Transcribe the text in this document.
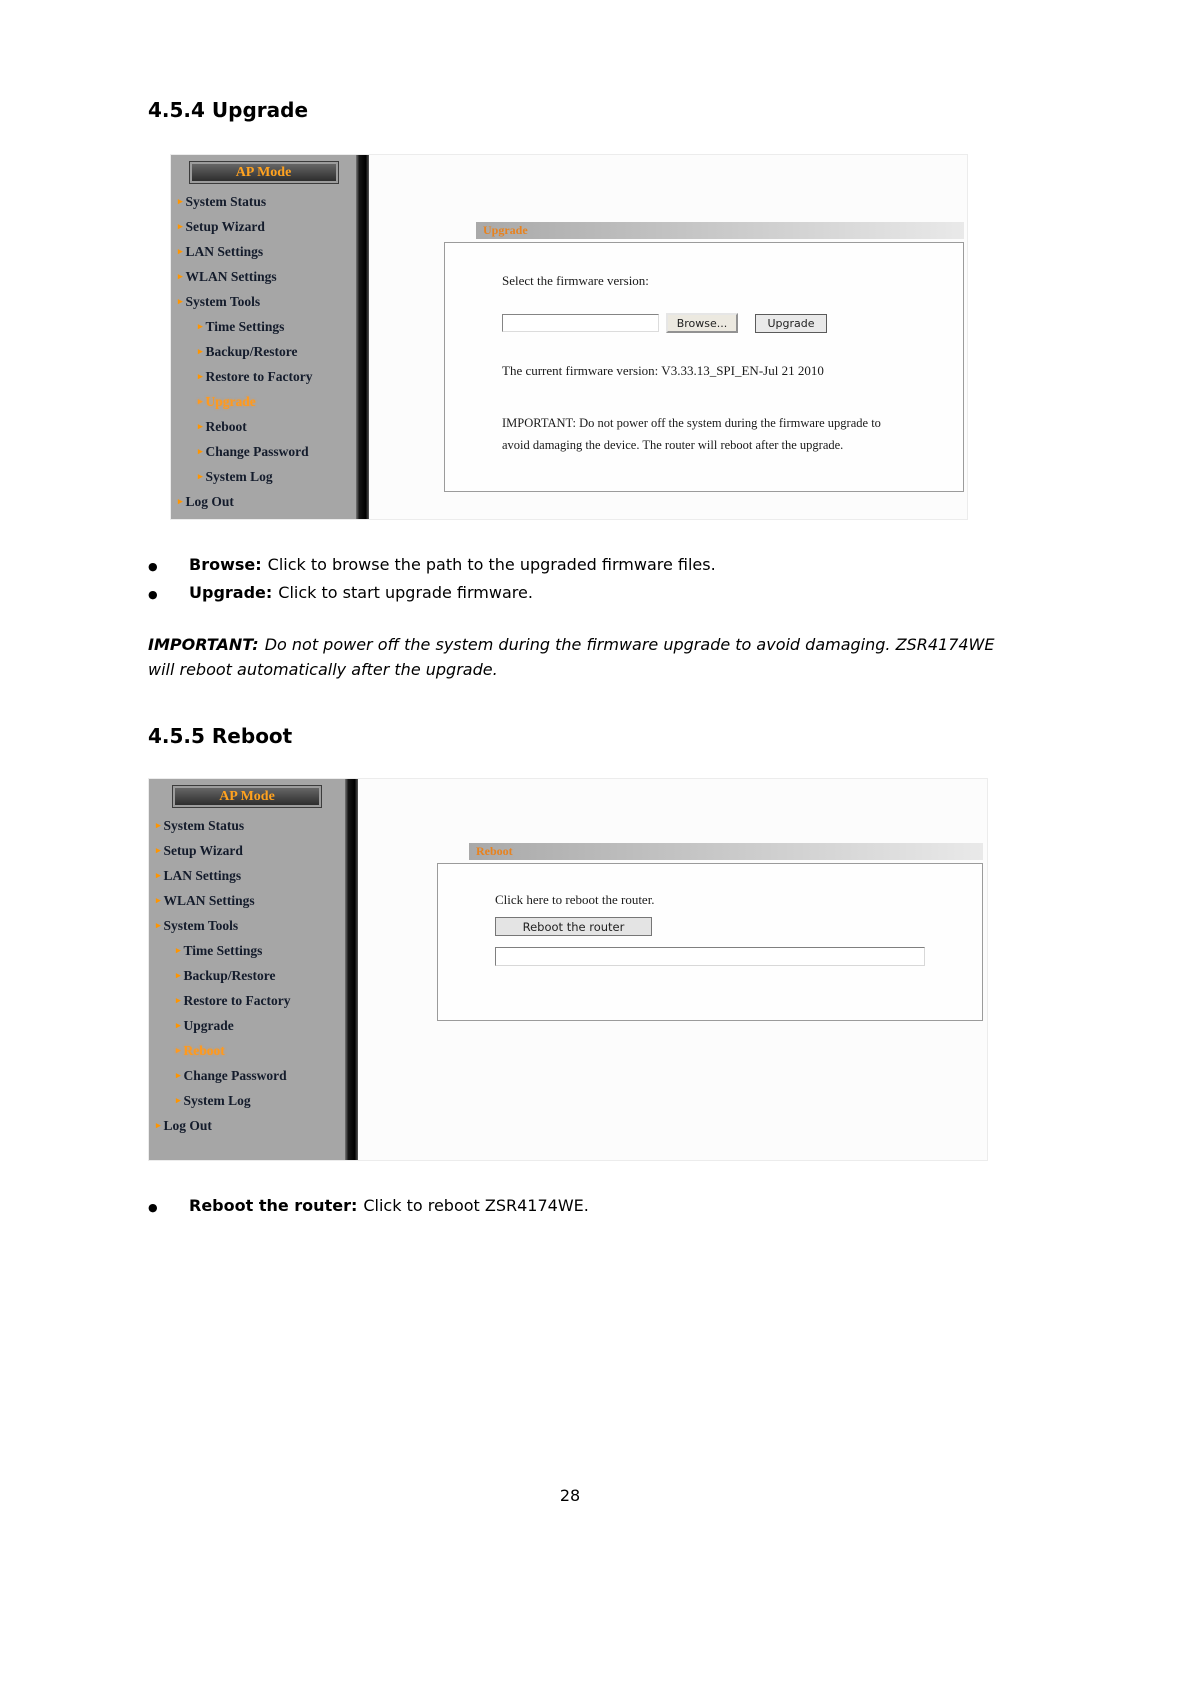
4.5.4 Upgrade
AP Mode
▸ System Status
▸ Setup Wizard
▸ LAN Settings
▸ WLAN Settings
▸ System Tools
▸ Time Settings
▸ Backup/Restore
▸ Restore to Factory
▸ Upgrade
▸ Reboot
▸ Change Password
▸ System Log
▸ Log Out
Upgrade
Select the firmware version:
Browse...	Upgrade
The current firmware version: V3.33.13_SPI_EN-Jul 21 2010
IMPORTANT: Do not power off the system during the firmware upgrade to avoid damaging the device. The router will reboot after the upgrade.
●	Browse: Click to browse the path to the upgraded firmware files.
●	Upgrade: Click to start upgrade firmware.

IMPORTANT: Do not power off the system during the firmware upgrade to avoid damaging. ZSR4174WE will reboot automatically after the upgrade.

4.5.5 Reboot
AP Mode
▸ System Status
▸ Setup Wizard
▸ LAN Settings
▸ WLAN Settings
▸ System Tools
▸ Time Settings
▸ Backup/Restore
▸ Restore to Factory
▸ Upgrade
▸ Reboot
▸ Change Password
▸ System Log
▸ Log Out
Reboot
Click here to reboot the router.
Reboot the router
●	Reboot the router: Click to reboot ZSR4174WE.
28
